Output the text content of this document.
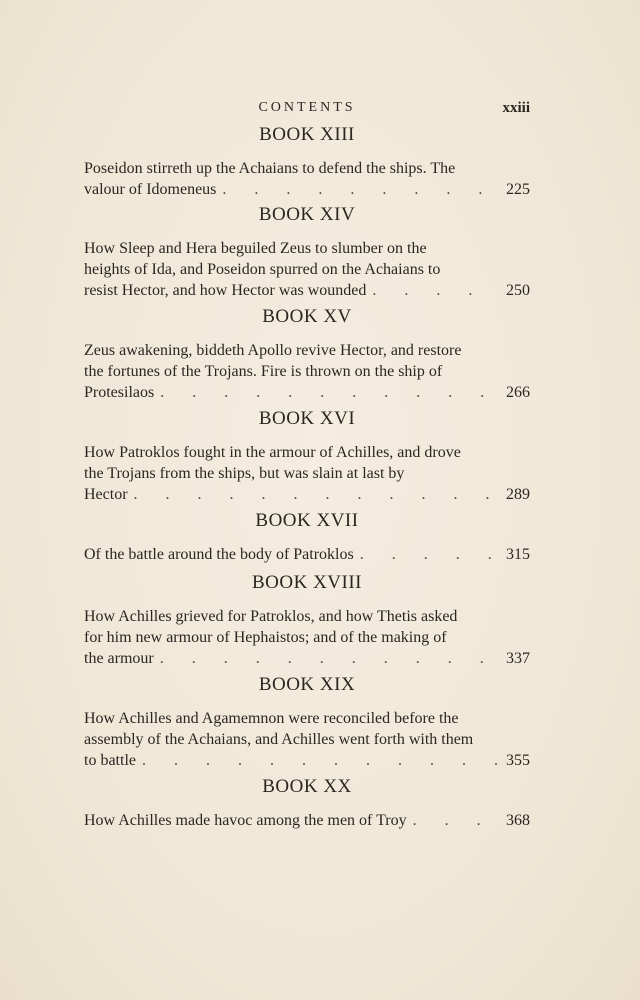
CONTENTS	xxiii
BOOK XIII
Poseidon stirreth up the Achaians to defend the ships. The
valour of Idomeneus . . .	225
BOOK XIV
How Sleep and Hera beguiled Zeus to slumber on the
heights of Ida, and Poseidon spurred on the Achaians to
resist Hector, and how Hector was wounded . . .	250
BOOK XV
Zeus awakening, biddeth Apollo revive Hector, and restore
the fortunes of the Trojans. Fire is thrown on the ship of
Protesilaos . . .	266
BOOK XVI
How Patroklos fought in the armour of Achilles, and drove
the Trojans from the ships, but was slain at last by
Hector . . .	289
BOOK XVII
Of the battle around the body of Patroklos . . .	315
BOOK XVIII
How Achilles grieved for Patroklos, and how Thetis asked
for him new armour of Hephaistos; and of the making of
the armour . . .	337
BOOK XIX
How Achilles and Agamemnon were reconciled before the
assembly of the Achaians, and Achilles went forth with them
to battle . . .	355
BOOK XX
How Achilles made havoc among the men of Troy . . .	368
